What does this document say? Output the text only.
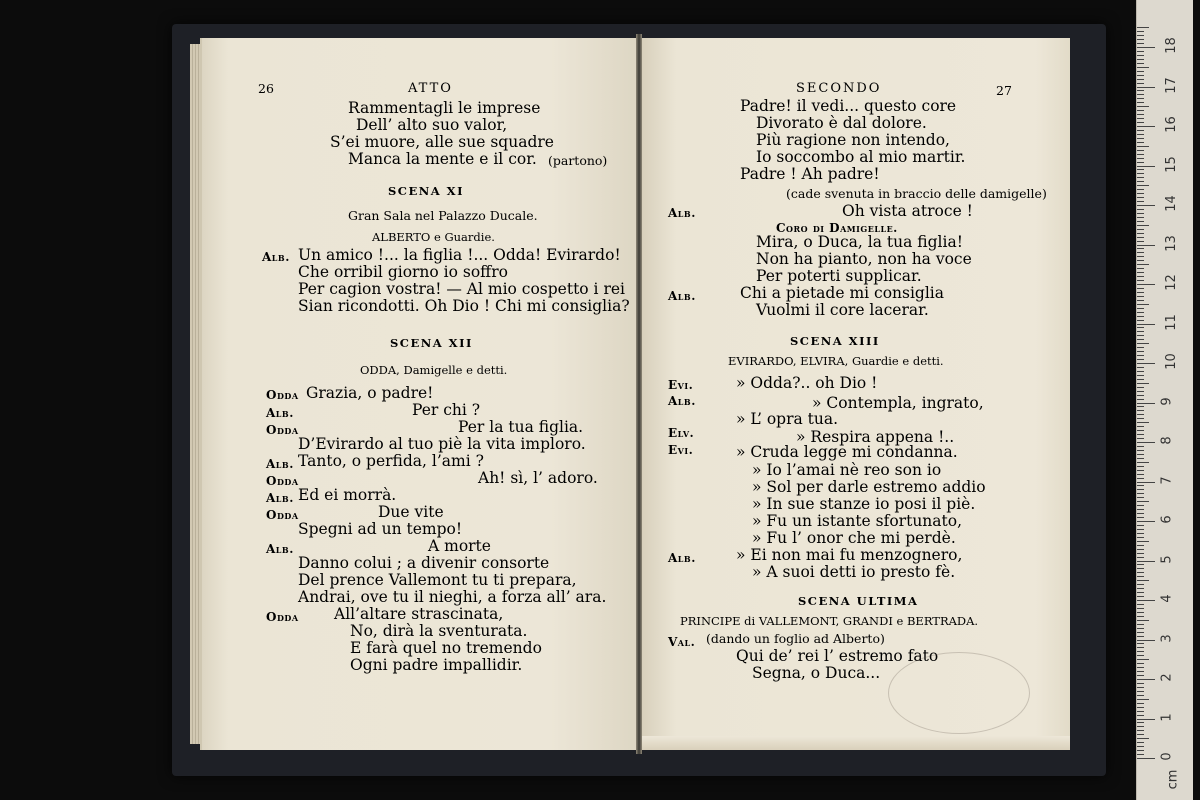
26	ATTO
Rammentagli le imprese
Dell’ alto suo valor,
S’ei muore, alle sue squadre
Manca la mente e il cor. (partono)
SCENA XI
Gran Sala nel Palazzo Ducale.
ALBERTO e Guardie.
Alb. Un amico !... la figlia !... Odda! Evirardo!
Che orribil giorno io soffro
Per cagion vostra! — Al mio cospetto i rei
Sian ricondotti. Oh Dio ! Chi mi consiglia?
SCENA XII
ODDA, Damigelle e detti.
Odda Grazia, o padre!
Alb.	Per chi ?
Odda	Per la tua figlia.
D’Evirardo al tuo piè la vita imploro.
Alb. Tanto, o perfida, l’ami ?
Odda	Ah! sì, l’ adoro.
Alb. Ed ei morrà.
Odda	Due vite
Spegni ad un tempo!
Alb.	A morte
Danno colui ; a divenir consorte
Del prence Vallemont tu ti prepara,
Andrai, ove tu il nieghi, a forza all’ ara.
Odda All’altare strascinata,
No, dirà la sventurata.
E farà quel no tremendo
Ogni padre impallidir.
SECONDO	27
Padre! il vedi... questo core
Divorato è dal dolore.
Più ragione non intendo,
Io soccombo al mio martir.
Padre ! Ah padre!
(cade svenuta in braccio delle damigelle)
Alb.	Oh vista atroce !
Coro di Damigelle.
Mira, o Duca, la tua figlia!
Non ha pianto, non ha voce
Per poterti supplicar.
Alb.	Chi a pietade mi consiglia
Vuolmi il core lacerar.
SCENA XIII
EVIRARDO, ELVIRA, Guardie e detti.
Evi.	» Odda?.. oh Dio !
Alb.	» Contempla, ingrato,
» L’ opra tua.
Elv.	» Respira appena !..
Evi.	» Cruda legge mi condanna.
» Io l’amai nè reo son io
» Sol per darle estremo addio
» In sue stanze io posi il piè.
» Fu un istante sfortunato,
» Fu l’ onor che mi perdè.
Alb.	» Ei non mai fu menzognero,
» A suoi detti io presto fè.
SCENA ULTIMA
PRINCIPE di VALLEMONT, GRANDI e BERTRADA.
Val. (dando un foglio ad Alberto)
Qui de’ rei l’ estremo fato
Segna, o Duca...
0
1
2
3
4
5
6
7
8
9
10
11
12
13
14
15
16
17
18
cm
